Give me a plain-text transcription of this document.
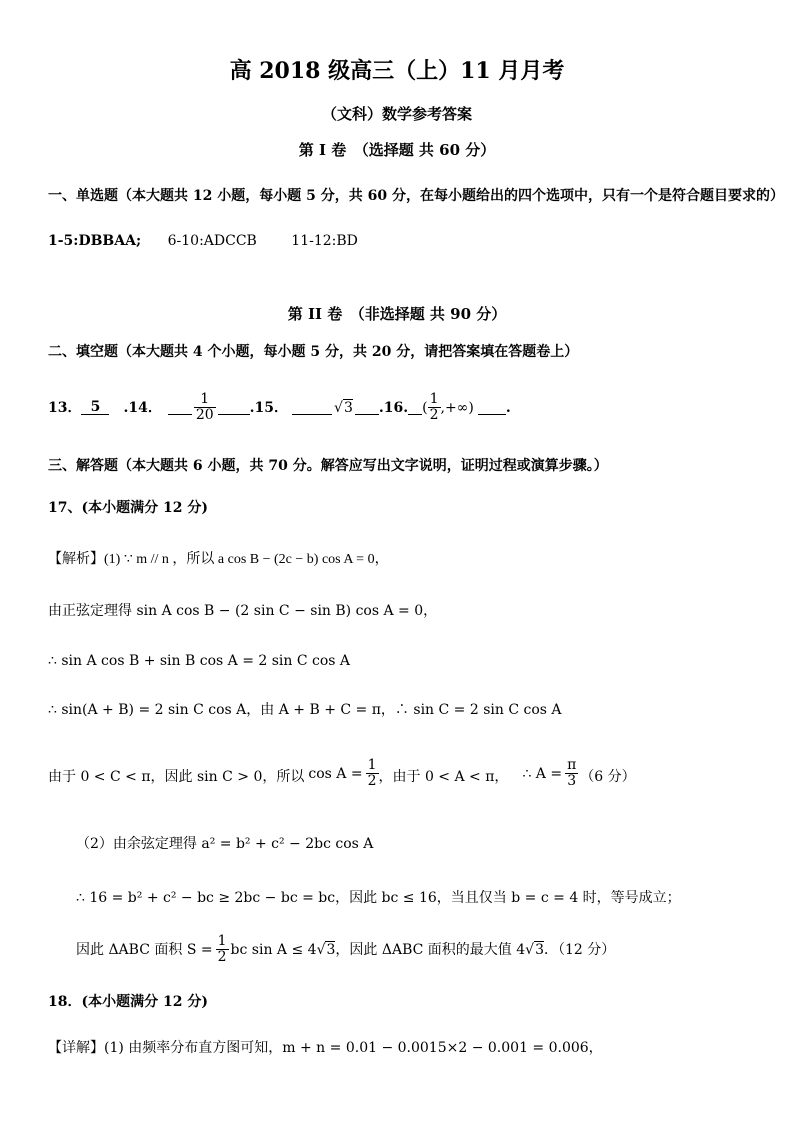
高 2018 级高三（上）11 月月考
（文科）数学参考答案
第 I 卷　（选择题 共 60 分）
一、单选题（本大题共 12 小题，每小题 5 分，共 60 分，在每小题给出的四个选项中，只有一个是符合题目要求的）
1-5:DBBAA; 6-10:ADCCB 11-12:BD
第 II 卷　（非选择题 共 90 分）
二、填空题（本大题共 4 个小题，每小题 5 分，共 20 分，请把答案填在答题卷上）
13． 5	.14．
$\frac{1}{20}$
.15．
	√3
.16.
( $\frac{1}{2}$ ,+∞)
.
三、解答题（本大题共 6 小题，共 70 分。解答应写出文字说明，证明过程或演算步骤。）
17、(本小题满分 12 分)
【解析】(1) ∵ m // n ，所以 a cos B − (2c − b) cos A = 0，
由正弦定理得 sin A cos B − (2 sin C − sin B) cos A = 0，
∴ sin A cos B + sin B cos A = 2 sin C cos A
∴ sin(A + B) = 2 sin C cos A，由 A + B + C = π，∴ sin C = 2 sin C cos A
由于 0 < C < π，因此 sin C > 0，所以 $\cos A = \frac{1}{2}$ ，由于 0 < A < π， ∴ $A = \frac{\pi}{3} (6$ 分）
（2）由余弦定理得 a² = b² + c² − 2bc cos A
∴ 16 = b² + c² − bc ≥ 2bc − bc = bc，因此 bc ≤ 16，当且仅当 b = c = 4 时，等号成立；
因此 ΔABC 面积 $S = \frac{1}{2}$ bc sin A ≤ 4 √3 ，因此 ΔABC 面积的最大值 4 √3 ．（12 分）
18．(本小题满分 12 分)
【详解】(1) 由频率分布直方图可知，m + n = 0.01 − 0.0015×2 − 0.001 = 0.006，
